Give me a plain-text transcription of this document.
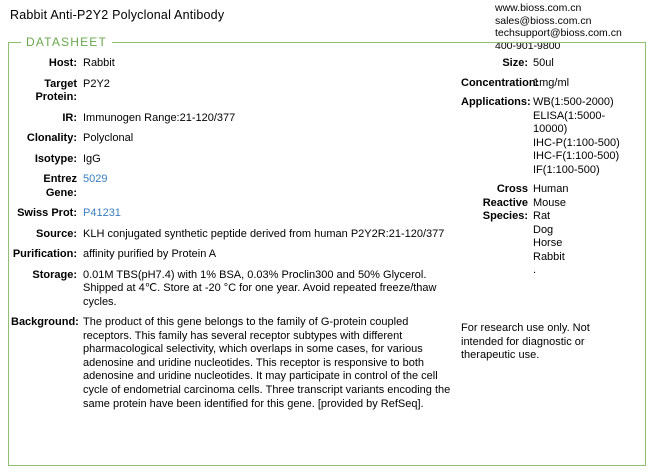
Rabbit Anti-P2Y2 Polyclonal Antibody	www.bioss.com.cn
sales@bioss.com.cn
techsupport@bioss.com.cn
400-901-9800
DATASHEET
Host: Rabbit
Target Protein:
P2Y2
IR: Immunogen Range:21-120/377
Clonality: Polyclonal
Isotype: IgG
Entrez Gene:
5029
Swiss Prot: P41231
Source: KLH conjugated synthetic peptide derived from human P2Y2R:21-120/377
Purification: affinity purified by Protein A
Storage: 0.01M TBS(pH7.4) with 1% BSA, 0.03% Proclin300 and 50% Glycerol. Shipped at 4℃. Store at -20 °C for one year. Avoid repeated freeze/thaw cycles.
Background: The product of this gene belongs to the family of G-protein coupled receptors. This family has several receptor subtypes with different pharmacological selectivity, which overlaps in some cases, for various adenosine and uridine nucleotides. This receptor is responsive to both adenosine and uridine nucleotides. It may participate in control of the cell cycle of endometrial carcinoma cells. Three transcript variants encoding the same protein have been identified for this gene. [provided by RefSeq].
Size: 50ul
Concentration:
1mg/ml
Applications: WB(1:500-2000)
ELISA(1:5000-
10000)
IHC-P(1:100-500)
IHC-F(1:100-500)
IF(1:100-500)
Cross Reactive Species:
Human
Mouse
Rat
Dog
Horse
Rabbit
.
For research use only. Not intended for diagnostic or therapeutic use.
